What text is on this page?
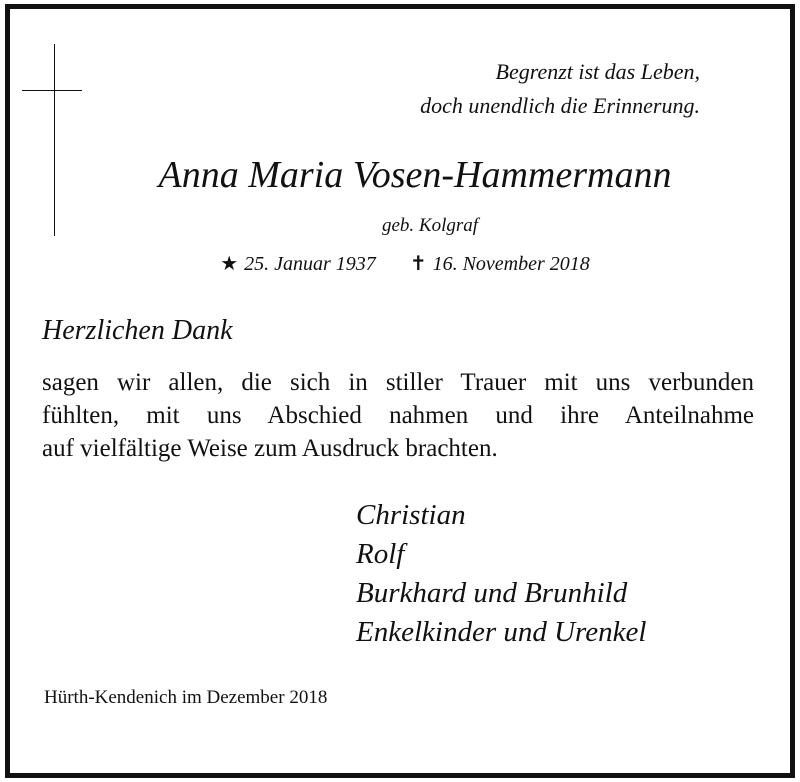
Begrenzt ist das Leben,
doch unendlich die Erinnerung.
Anna Maria Vosen-Hammermann
geb. Kolgraf
★ 25. Januar 1937 ✝ 16. November 2018
Herzlichen Dank
sagen wir allen, die sich in stiller Trauer mit uns verbunden
fühlten, mit uns Abschied nahmen und ihre Anteilnahme
auf vielfältige Weise zum Ausdruck brachten.
Christian
Rolf
Burkhard und Brunhild
Enkelkinder und Urenkel
Hürth-Kendenich im Dezember 2018
